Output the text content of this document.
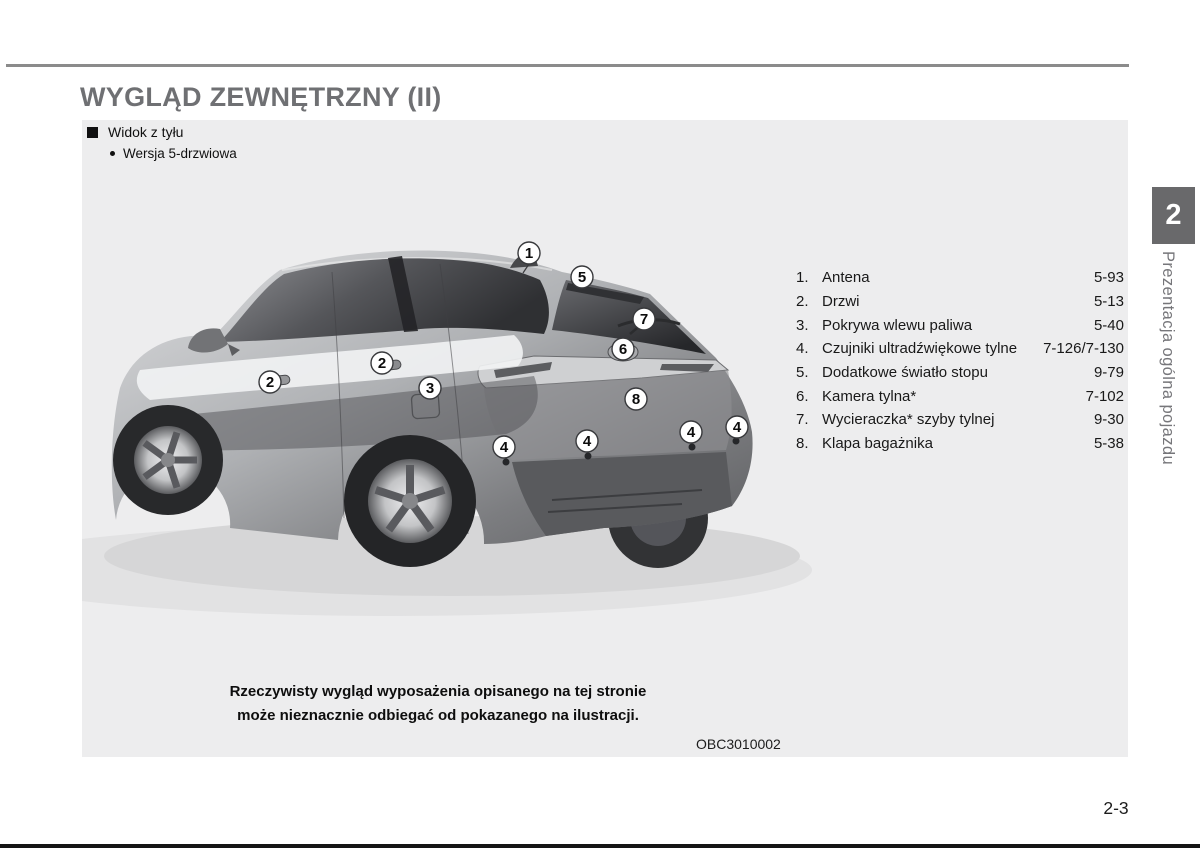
WYGLĄD ZEWNĘTRZNY (II)
Widok z tyłu
Wersja 5-drzwiowa
1
5
7
6
2
2	3
8
4	4
4	4
1. Antena	5-93
2. Drzwi	5-13
3. Pokrywa wlewu paliwa	5-40
4. Czujniki ultradźwiękowe tylne	7-126/7-130
5. Dodatkowe światło stopu	9-79
6. Kamera tylna*	7-102
7. Wycieraczka* szyby tylnej	9-30
8. Klapa bagażnika	5-38
Rzeczywisty wygląd wyposażenia opisanego na tej stronie
może nieznacznie odbiegać od pokazanego na ilustracji.
OBC3010002
2
Prezentacja ogólna pojazdu
2-3
